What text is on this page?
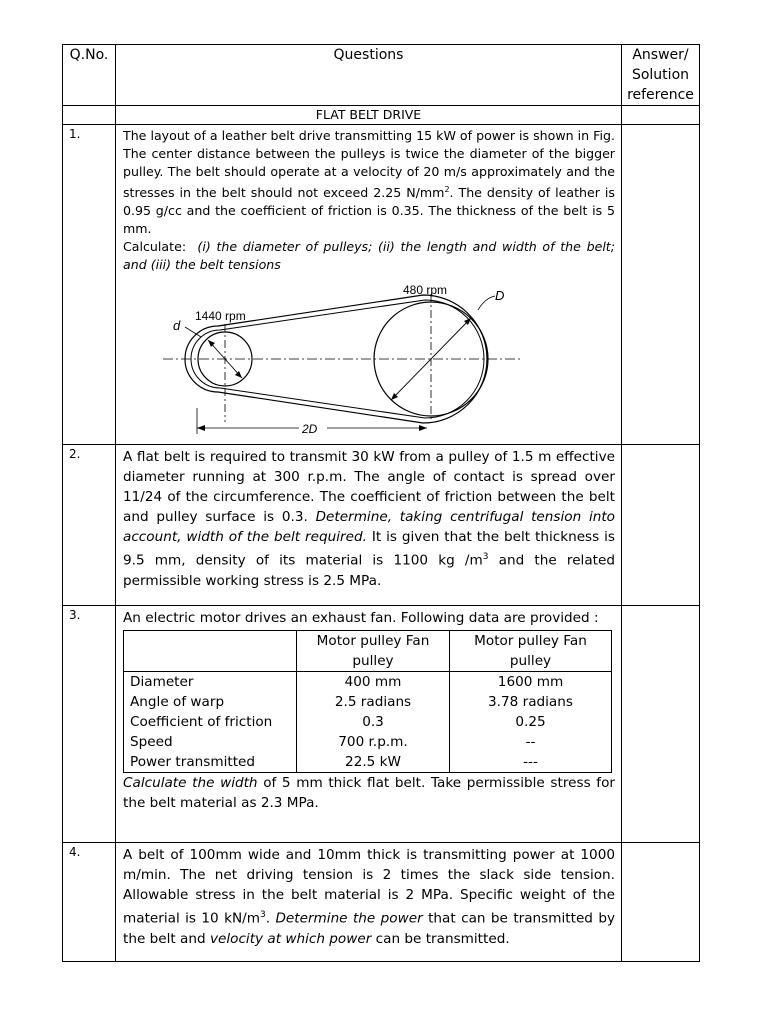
Q.No.	Questions	Answer/
Solution
reference
	FLAT BELT DRIVE	
1.	The layout of a leather belt drive transmitting 15 kW of power is shown in Fig. The center distance between the pulleys is twice the diameter of the bigger pulley. The belt should operate at a velocity of 20 m/s approximately and the stresses in the belt should not exceed 2.25 $N/mm^2$. The density of leather is 0.95 g/cc and the coefficient of friction is 0.35. The thickness of the belt is 5 mm.

Calculate: (i) the diameter of pulleys; (ii) the length and width of the belt; and (iii) the belt tensions

1440 rpm
d
480 rpm	D
2D

2.	A flat belt is required to transmit 30 kW from a pulley of 1.5 m effective diameter running at 300 r.p.m. The angle of contact is spread over 11/24 of the circumference. The coefficient of friction between the belt and pulley surface is 0.3. Determine, taking centrifugal tension into account, width of the belt required. It is given that the belt thickness is 9.5 mm, density of its material is 1100 kg $/m^3$ and the related permissible working stress is 2.5 MPa.

3.	An electric motor drives an exhaust fan. Following data are provided :

	Motor pulley Fan pulley	Motor pulley Fan pulley
Diameter	400 mm	1600 mm
Angle of warp	2.5 radians	3.78 radians
Coefficient of friction	0.3	0.25
Speed	700 r.p.m.	--
Power transmitted	22.5 kW	---

Calculate the width of 5 mm thick flat belt. Take permissible stress for the belt material as 2.3 MPa.

4.	A belt of 100mm wide and 10mm thick is transmitting power at 1000 m/min. The net driving tension is 2 times the slack side tension. Allowable stress in the belt material is 2 MPa. Specific weight of the material is 10 $kN/m^3$. Determine the power that can be transmitted by the belt and velocity at which power can be transmitted.
